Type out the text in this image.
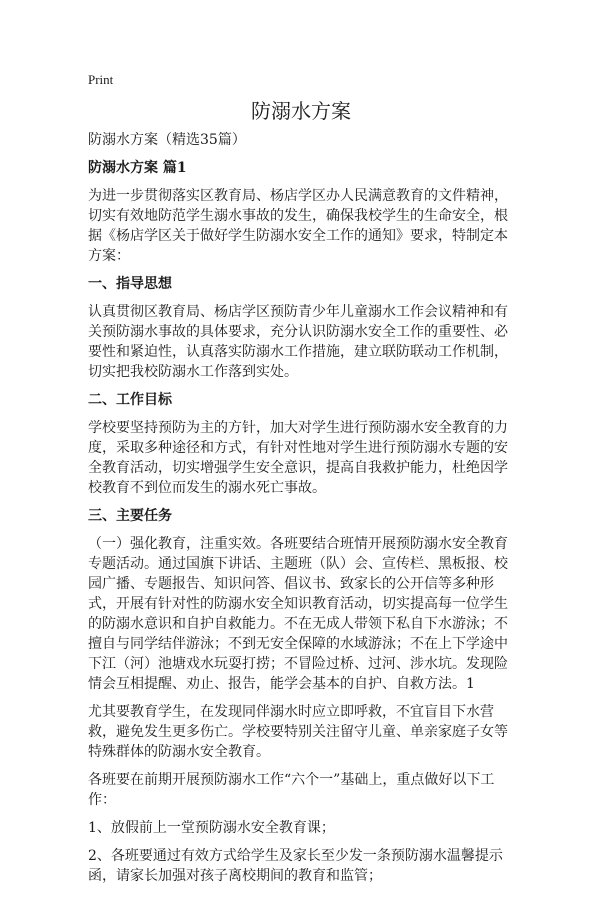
Print
防溺水方案
防溺水方案（精选35篇）
防溺水方案 篇1
为进一步贯彻落实区教育局、杨店学区办人民满意教育的文件精神，切实有效地防范学生溺水事故的发生，确保我校学生的生命安全，根据《杨店学区关于做好学生防溺水安全工作的通知》要求，特制定本方案：
一、指导思想
认真贯彻区教育局、杨店学区预防青少年儿童溺水工作会议精神和有关预防溺水事故的具体要求，充分认识防溺水安全工作的重要性、必要性和紧迫性，认真落实防溺水工作措施，建立联防联动工作机制，切实把我校防溺水工作落到实处。
二、工作目标
学校要坚持预防为主的方针，加大对学生进行预防溺水安全教育的力度，采取多种途径和方式，有针对性地对学生进行预防溺水专题的安全教育活动，切实增强学生安全意识，提高自我救护能力，杜绝因学校教育不到位而发生的溺水死亡事故。
三、主要任务
（一）强化教育，注重实效。各班要结合班情开展预防溺水安全教育专题活动。通过国旗下讲话、主题班（队）会、宣传栏、黑板报、校园广播、专题报告、知识问答、倡议书、致家长的公开信等多种形式，开展有针对性的防溺水安全知识教育活动，切实提高每一位学生的防溺水意识和自护自救能力。不在无成人带领下私自下水游泳；不擅自与同学结伴游泳；不到无安全保障的水域游泳；不在上下学途中下江（河）池塘戏水玩耍打捞；不冒险过桥、过河、涉水坑。发现险情会互相提醒、劝止、报告，能学会基本的自护、自救方法。1
尤其要教育学生，在发现同伴溺水时应立即呼救，不宜盲目下水营救，避免发生更多伤亡。学校要特别关注留守儿童、单亲家庭子女等特殊群体的防溺水安全教育。
各班要在前期开展预防溺水工作“六个一”基础上，重点做好以下工作：
1、放假前上一堂预防溺水安全教育课；
2、各班要通过有效方式给学生及家长至少发一条预防溺水温馨提示函，请家长加强对孩子离校期间的教育和监管；
